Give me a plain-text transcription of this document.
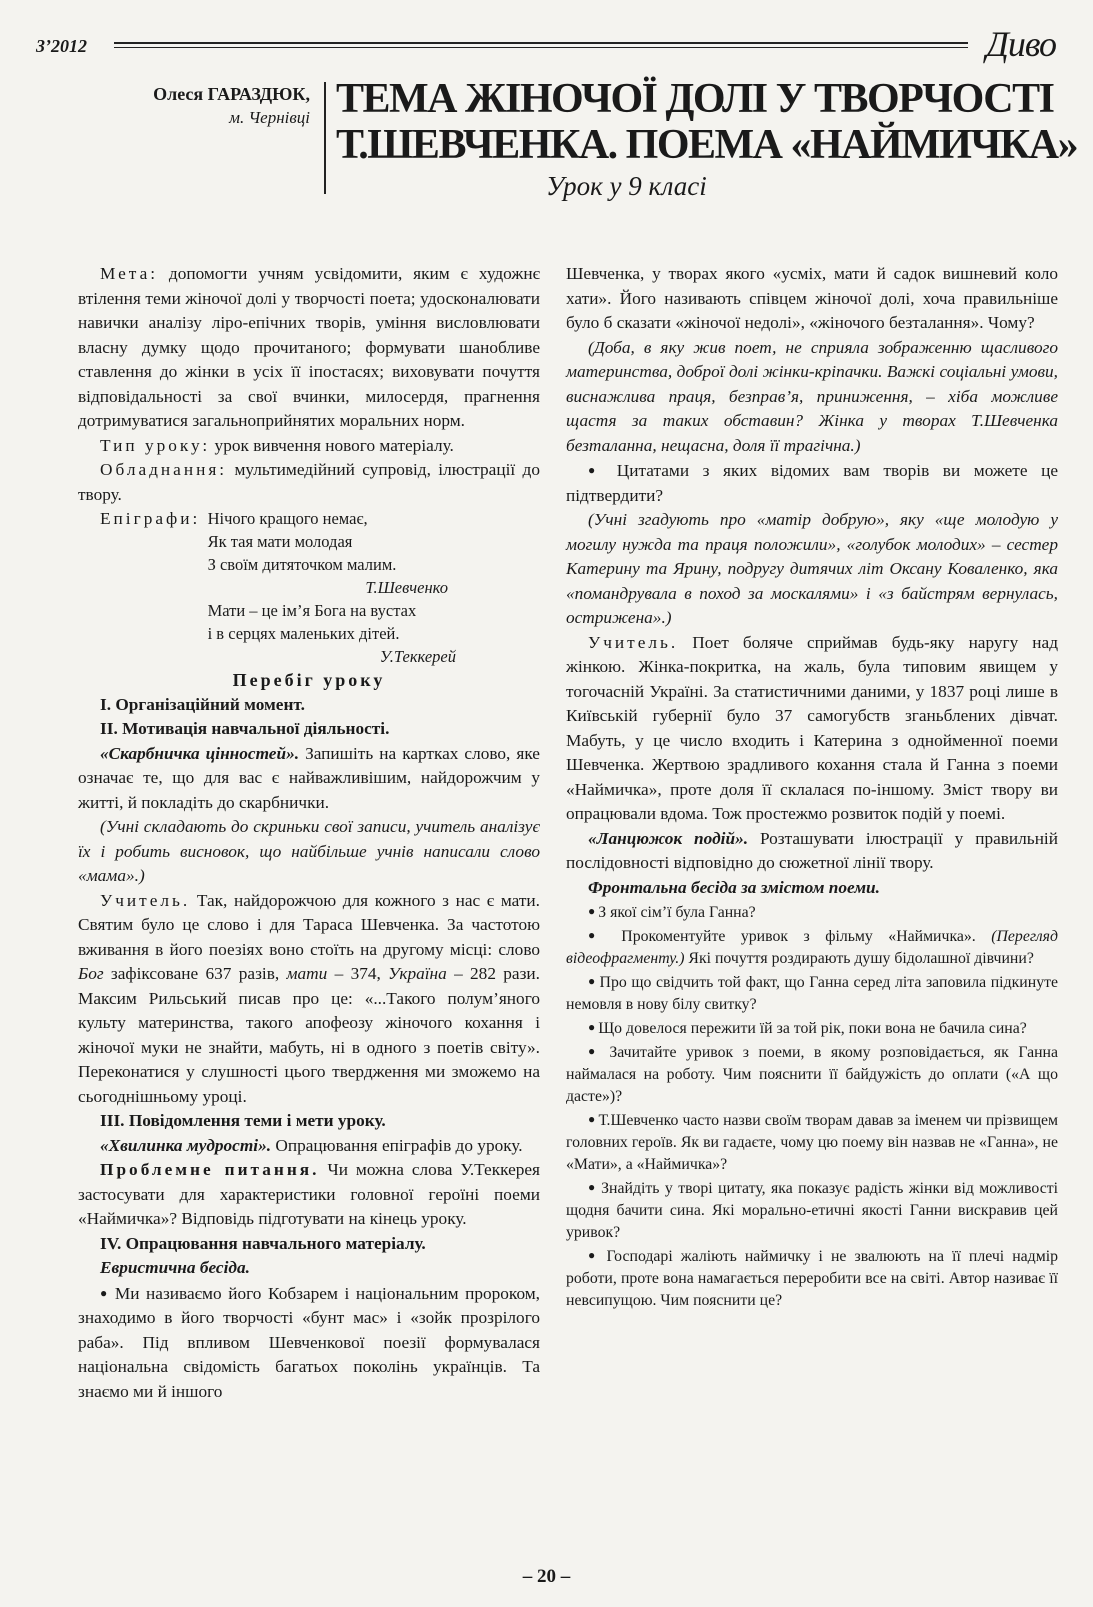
3’2012	Диво
Олеся ГАРАЗДЮК,
м. Чернівці ТЕМА ЖІНОЧОЇ ДОЛІ У ТВОРЧОСТІ
Т.ШЕВЧЕНКА. ПОЕМА «НАЙМИЧКА»
Урок у 9 класі

Мета: допомогти учням усвідомити, яким є художнє втілення теми жіночої долі у творчості поета; удосконалювати навички аналізу ліро-епічних творів, уміння висловлювати власну думку щодо прочитаного; формувати шанобливе ставлення до жінки в усіх її іпостасях; виховувати почуття відповідальності за свої вчинки, милосердя, прагнення дотримуватися загальноприйнятих моральних норм.

Тип уроку: урок вивчення нового матеріалу.

Обладнання: мультимедійний супровід, ілюстрації до твору.

Епіграфи: Нічого кращого немає,
Як тая мати молодая
З своїм дитяточком малим.
Т.Шевченко
Мати – це ім’я Бога на вустах
і в серцях маленьких дітей.
У.Теккерей

Перебіг уроку

I. Організаційний момент.

II. Мотивація навчальної діяльності.

«Скарбничка цінностей». Запишіть на картках слово, яке означає те, що для вас є найважливішим, найдорожчим у житті, й покладіть до скарбнички.

(Учні складають до скриньки свої записи, учитель аналізує їх і робить висновок, що найбільше учнів написали слово «мама».)

Учитель. Так, найдорожчою для кожного з нас є мати. Святим було це слово і для Тараса Шевченка. За частотою вживання в його поезіях воно стоїть на другому місці: слово Бог зафіксоване 637 разів, мати – 374, Україна – 282 рази. Максим Рильський писав про це: «...Такого полум’яного культу материнства, такого апофеозу жіночого кохання і жіночої муки не знайти, мабуть, ні в одного з поетів світу». Переконатися у слушності цього твердження ми зможемо на сьогоднішньому уроці.

III. Повідомлення теми і мети уроку.

«Хвилинка мудрості». Опрацювання епіграфів до уроку.

Проблемне питання. Чи можна слова У.Теккерея застосувати для характеристики головної героїні поеми «Наймичка»? Відповідь підготувати на кінець уроку.

IV. Опрацювання навчального матеріалу.

Евристична бесіда.

● Ми називаємо його Кобзарем і національним пророком, знаходимо в його творчості «бунт мас» і «зойк прозрілого раба». Під впливом Шевченкової поезії формувалася національна свідомість багатьох поколінь українців. Та знаємо ми й іншого

Шевченка, у творах якого «усміх, мати й садок вишневий коло хати». Його називають співцем жіночої долі, хоча правильніше було б сказати «жіночої недолі», «жіночого безталання». Чому?

(Доба, в яку жив поет, не сприяла зображенню щасливого материнства, доброї долі жінки-кріпачки. Важкі соціальні умови, виснажлива праця, безправ’я, приниження, – хіба можливе щастя за таких обставин? Жінка у творах Т.Шевченка безталанна, нещасна, доля її трагічна.)

● Цитатами з яких відомих вам творів ви можете це підтвердити?

(Учні згадують про «матір добрую», яку «ще молодую у могилу нужда та праця положили», «голубок молодих» – сестер Катерину та Ярину, подругу дитячих літ Оксану Коваленко, яка «помандрувала в поход за москалями» і «з байстрям вернулась, острижена».)

Учитель. Поет боляче сприймав будь-яку наругу над жінкою. Жінка-покритка, на жаль, була типовим явищем у тогочасній Україні. За статистичними даними, у 1837 році лише в Київській губернії було 37 самогубств зганьблених дівчат. Мабуть, у це число входить і Катерина з однойменної поеми Шевченка. Жертвою зрадливого кохання стала й Ганна з поеми «Наймичка», проте доля її склалася по-іншому. Зміст твору ви опрацювали вдома. Тож простежмо розвиток подій у поемі.

«Ланцюжок подій». Розташувати ілюстрації у правильній послідовності відповідно до сюжетної лінії твору.

Фронтальна бесіда за змістом поеми.

● З якої сім’ї була Ганна?

● Прокоментуйте уривок з фільму «Наймичка». (Перегляд відеофрагменту.) Які почуття роздирають душу бідолашної дівчини?

● Про що свідчить той факт, що Ганна серед літа заповила підкинуте немовля в нову білу свитку?

● Що довелося пережити їй за той рік, поки вона не бачила сина?

● Зачитайте уривок з поеми, в якому розповідається, як Ганна наймалася на роботу. Чим пояснити її байдужість до оплати («А що дасте»)?

● Т.Шевченко часто назви своїм творам давав за іменем чи прізвищем головних героїв. Як ви гадаєте, чому цю поему він назвав не «Ганна», не «Мати», а «Наймичка»?

● Знайдіть у творі цитату, яка показує радість жінки від можливості щодня бачити сина. Які морально-етичні якості Ганни виcкравив цей уривок?

● Господарі жаліють наймичку і не звалюють на її плечі надмір роботи, проте вона намагається переробити все на світі. Автор називає її невсипущою. Чим пояснити це?

– 20 –
